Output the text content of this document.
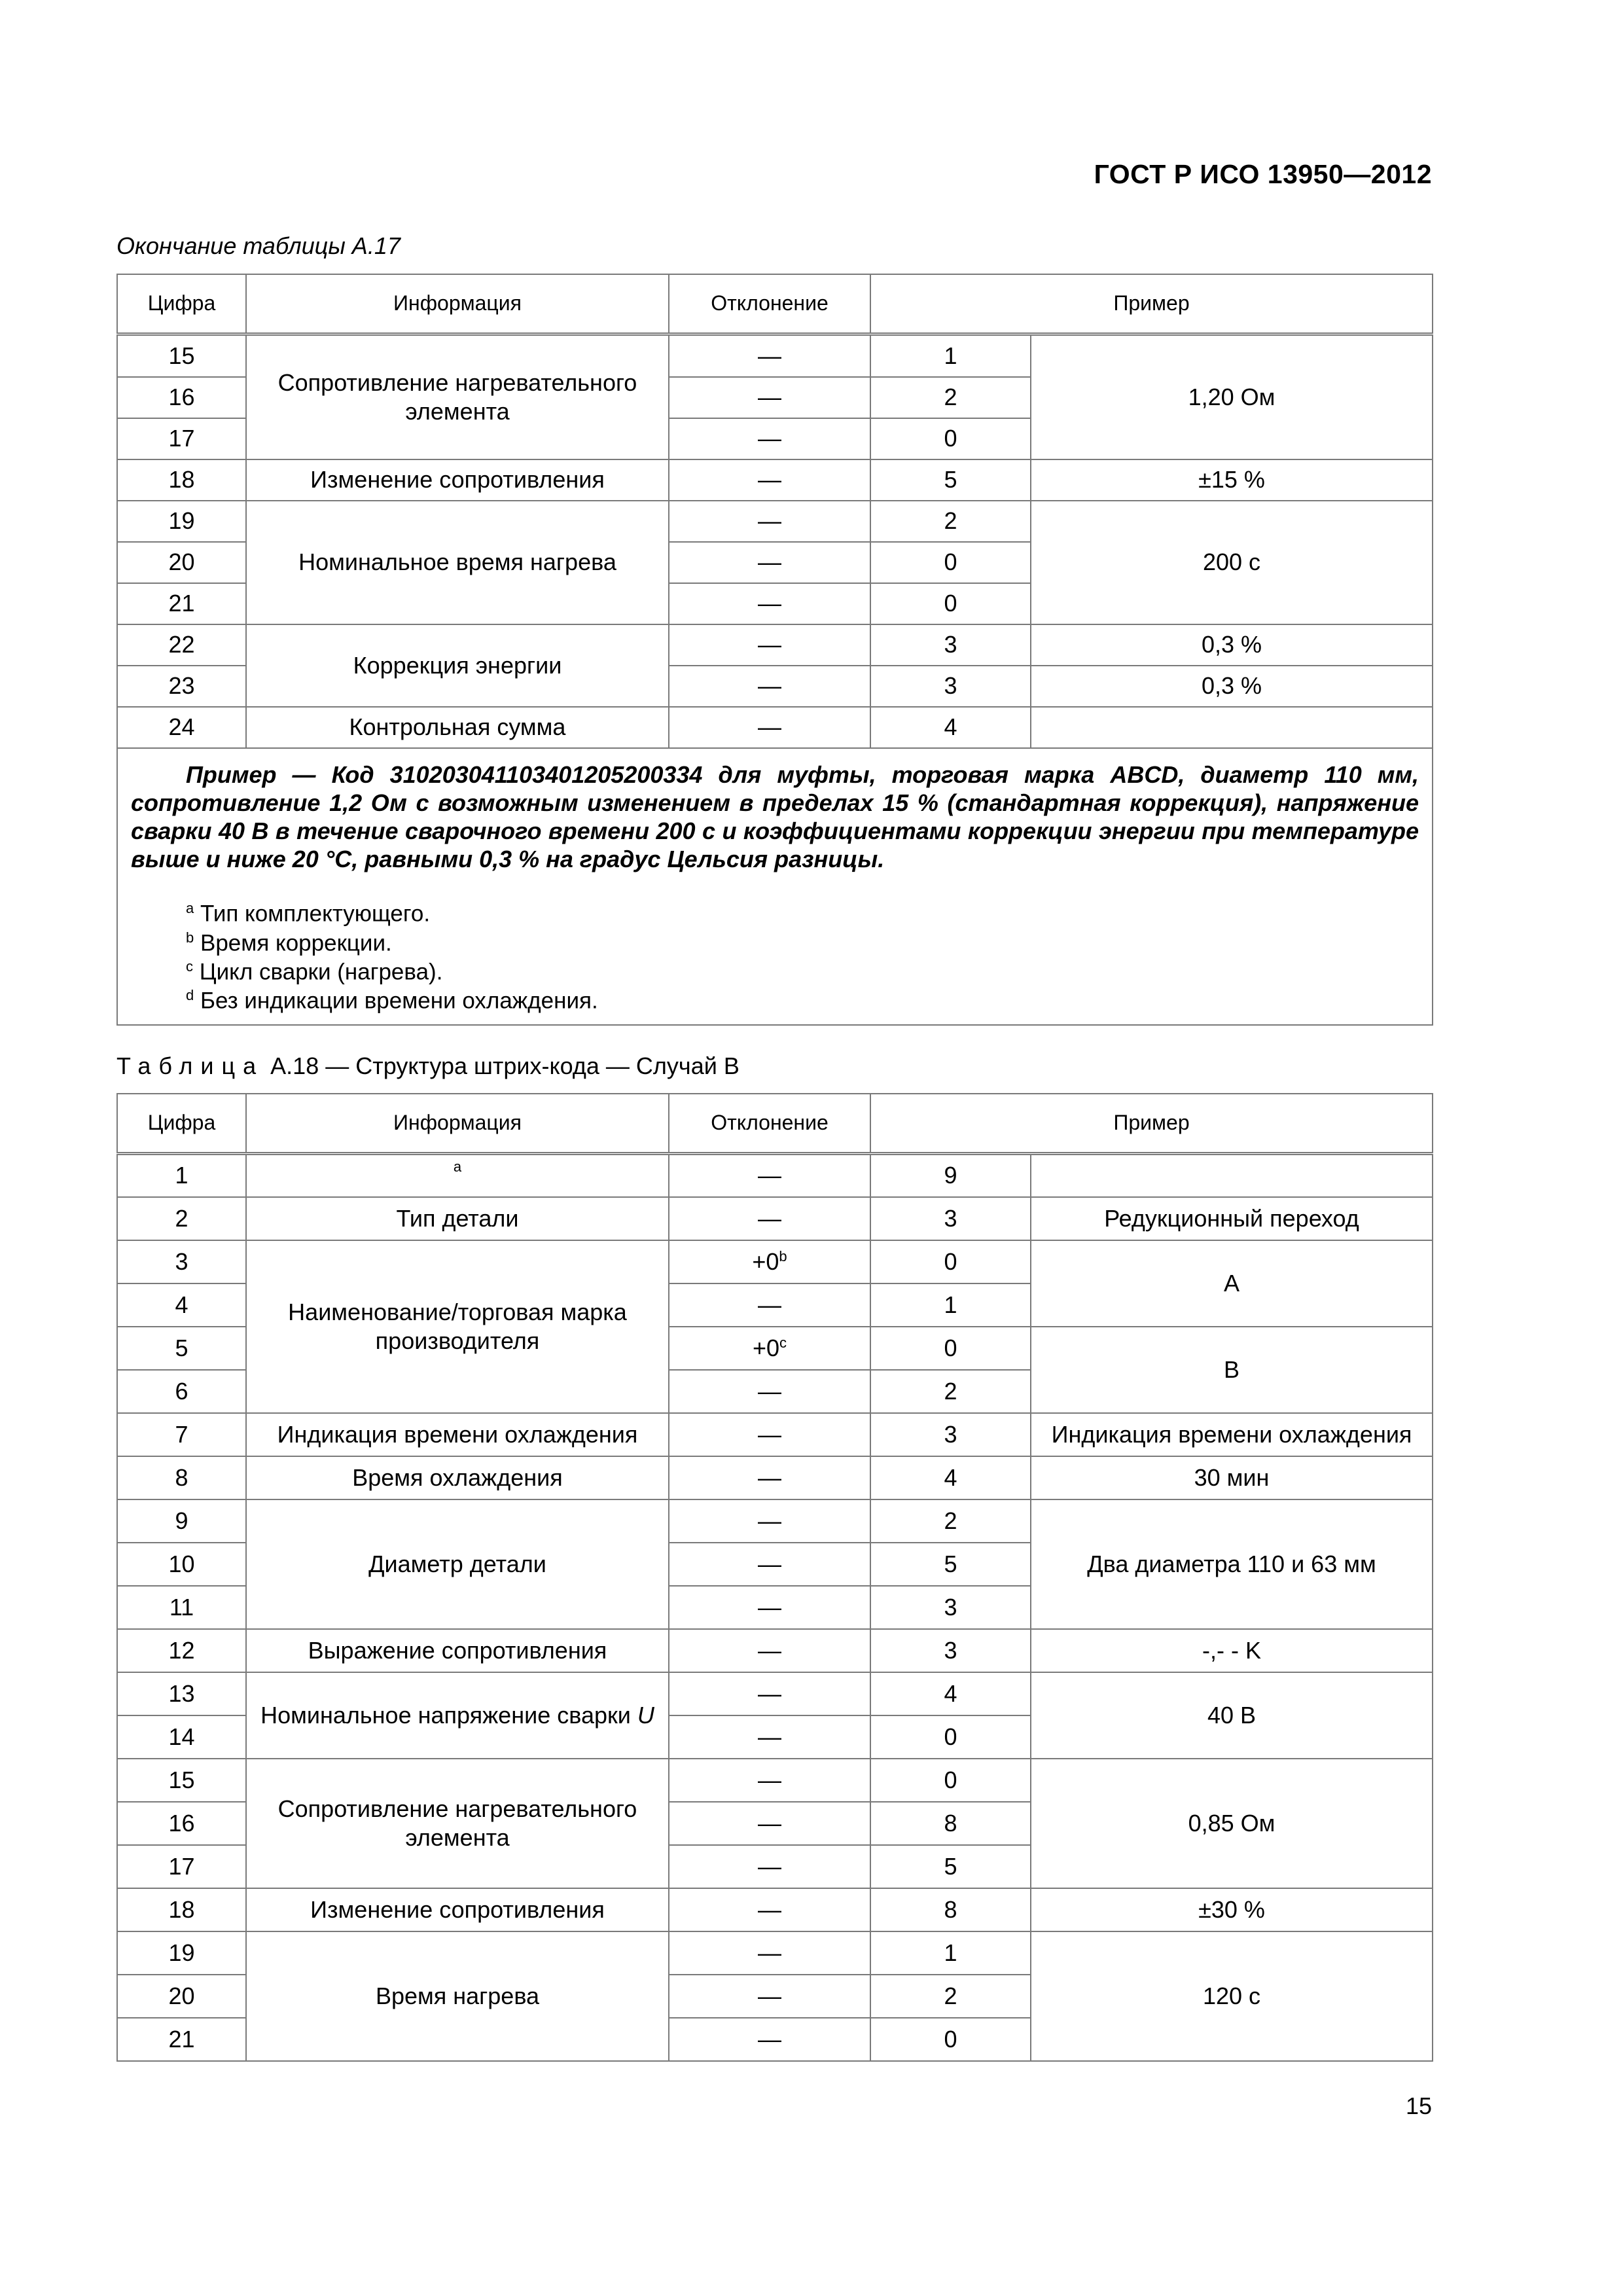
ГОСТ Р ИСО 13950—2012
Окончание таблицы А.17
Цифра	Информация	Отклонение	Пример	
15	Сопротивление нагревательного элемента	—	1	1,20 Ом
16		—	2	
17		—	0	
18	Изменение сопротивления	—	5	±15 %
19	Номинальное время нагрева	—	2	200 с
20		—	0	
21		—	0	
22	Коррекция энергии	—	3	0,3 %
23		—	3	0,3 %
24	Контрольная сумма	—	4	

Пример — Код 310203041103401205200334 для муфты, торговая марка ABCD, диаметр 110 мм, сопротивление 1,2 Ом с возможным изменением в пределах 15 % (стандартная коррекция), напряжение сварки 40 В в течение сварочного времени 200 с и коэффициентами коррекции энергии при температуре выше и ниже 20 °С, равными 0,3 % на градус Цельсия разницы.

$^a$ Тип комплектующего.
$^b$ Время коррекции.
$^c$ Цикл сварки (нагрева).
$^d$ Без индикации времени охлаждения.				
Таблица А.18 — Структура штрих-кода — Случай В
Цифра	Информация	Отклонение	Пример	
1	$^a$	—	9	
2	Тип детали	—	3	Редукционный переход
3	Наименование/торговая марка производителя	$+0^b$	0	A
4		—	1	
5		$+0^c$	0	B
6		—	2	
7	Индикация времени охлаждения	—	3	Индикация времени охлаждения
8	Время охлаждения	—	4	30 мин
9	Диаметр детали	—	2	Два диаметра 110 и 63 мм
10		—	5	
11		—	3	
12	Выражение сопротивления	—	3	-,- - K
13	Номинальное напряжение сварки U	—	4	40 В
14		—	0	
15	Сопротивление нагревательного элемента	—	0	0,85 Ом
16		—	8	
17		—	5	
18	Изменение сопротивления	—	8	±30 %
19	Время нагрева	—	1	120 с
20		—	2	
21		—	0	
15
